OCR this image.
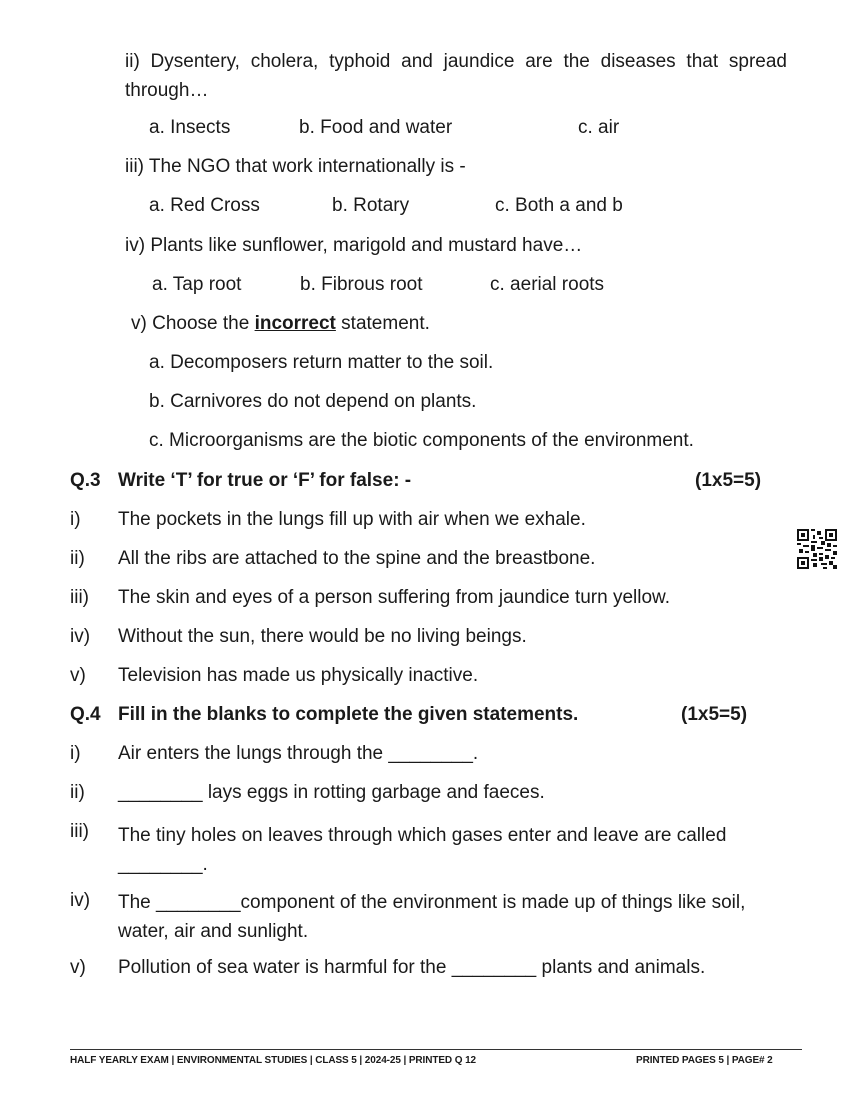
ii) Dysentery, cholera, typhoid and jaundice are the diseases that spread through…
a. Insects	b. Food and water	c. air
iii) The NGO that work internationally is -
a. Red Cross	b. Rotary	c. Both a and b
iv) Plants like sunflower, marigold and mustard have…
a. Tap root	b. Fibrous root	c. aerial roots
v) Choose the incorrect statement.
a. Decomposers return matter to the soil.
b. Carnivores do not depend on plants.
c. Microorganisms are the biotic components of the environment.
Q.3 Write ‘T’ for true or ‘F’ for false: -	(1x5=5)
i) The pockets in the lungs fill up with air when we exhale.
ii) All the ribs are attached to the spine and the breastbone.
iii) The skin and eyes of a person suffering from jaundice turn yellow.
iv) Without the sun, there would be no living beings.
v) Television has made us physically inactive.
Q.4 Fill in the blanks to complete the given statements.	(1x5=5)
i) Air enters the lungs through the ________.
ii) ________ lays eggs in rotting garbage and faeces.
iii) The tiny holes on leaves through which gases enter and leave are called ________.
iv) The ________component of the environment is made up of things like soil, water, air and sunlight.
v) Pollution of sea water is harmful for the ________ plants and animals.
HALF YEARLY EXAM | ENVIRONMENTAL STUDIES | CLASS 5 | 2024-25 | PRINTED Q 12	PRINTED PAGES 5 | PAGE# 2
